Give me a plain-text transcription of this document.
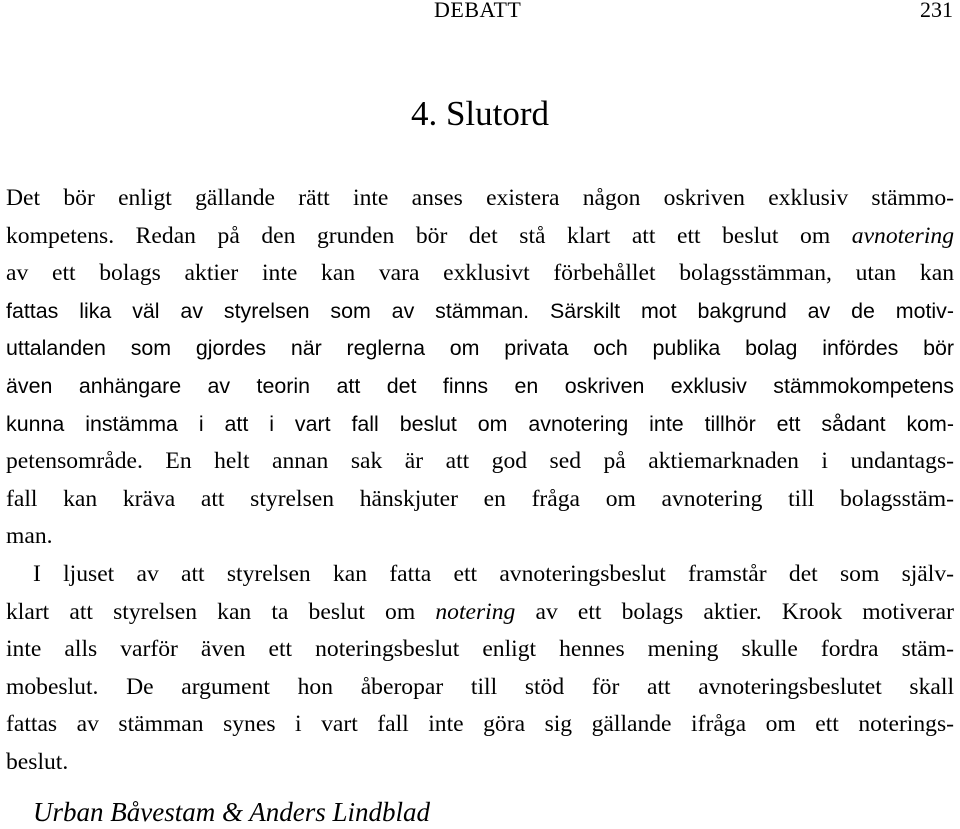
DEBATT	231
4. Slutord
Det bör enligt gällande rätt inte anses existera någon oskriven exklusiv stämmo-
kompetens. Redan på den grunden bör det stå klart att ett beslut om avnotering
av ett bolags aktier inte kan vara exklusivt förbehållet bolagsstämman, utan kan
fattas lika väl av styrelsen som av stämman. Särskilt mot bakgrund av de motiv-
uttalanden som gjordes när reglerna om privata och publika bolag infördes bör
även anhängare av teorin att det finns en oskriven exklusiv stämmokompetens
kunna instämma i att i vart fall beslut om avnotering inte tillhör ett sådant kom-
petensområde. En helt annan sak är att god sed på aktiemarknaden i undantags-
fall kan kräva att styrelsen hänskjuter en fråga om avnotering till bolagsstäm-
man.
I ljuset av att styrelsen kan fatta ett avnoteringsbeslut framstår det som själv-
klart att styrelsen kan ta beslut om notering av ett bolags aktier. Krook motiverar
inte alls varför även ett noteringsbeslut enligt hennes mening skulle fordra stäm-
mobeslut. De argument hon åberopar till stöd för att avnoteringsbeslutet skall
fattas av stämman synes i vart fall inte göra sig gällande ifråga om ett noterings-
beslut.
Urban Båvestam & Anders Lindblad
